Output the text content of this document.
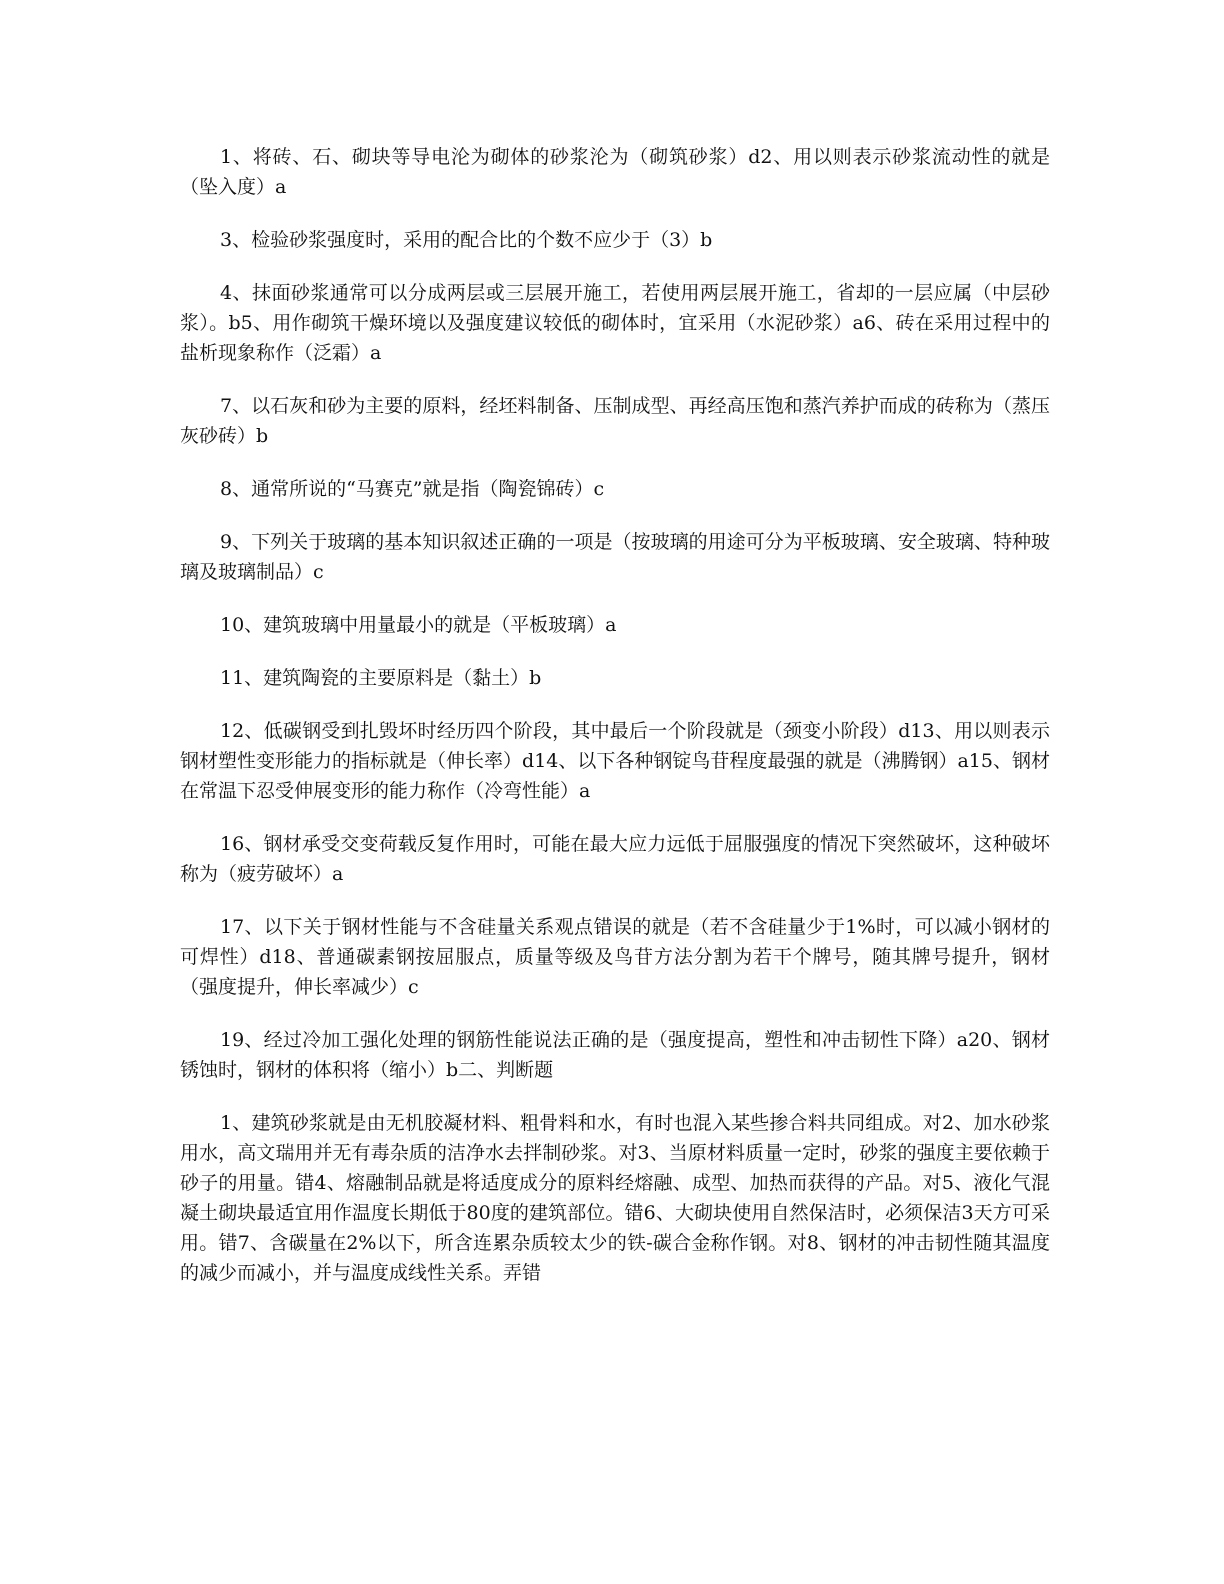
1、将砖、石、砌块等导电沦为砌体的砂浆沦为（砌筑砂浆）d2、用以则表示砂浆流动性的就是（坠入度）a

3、检验砂浆强度时，采用的配合比的个数不应少于（3）b

4、抹面砂浆通常可以分成两层或三层展开施工，若使用两层展开施工，省却的一层应属（中层砂浆）。b5、用作砌筑干燥环境以及强度建议较低的砌体时，宜采用（水泥砂浆）a6、砖在采用过程中的盐析现象称作（泛霜）a

7、以石灰和砂为主要的原料，经坯料制备、压制成型、再经高压饱和蒸汽养护而成的砖称为（蒸压灰砂砖）b

8、通常所说的“马赛克”就是指（陶瓷锦砖）c

9、下列关于玻璃的基本知识叙述正确的一项是（按玻璃的用途可分为平板玻璃、安全玻璃、特种玻璃及玻璃制品）c

10、建筑玻璃中用量最小的就是（平板玻璃）a

11、建筑陶瓷的主要原料是（黏土）b

12、低碳钢受到扎毁坏时经历四个阶段，其中最后一个阶段就是（颈变小阶段）d13、用以则表示钢材塑性变形能力的指标就是（伸长率）d14、以下各种钢锭鸟苷程度最强的就是（沸腾钢）a15、钢材在常温下忍受伸展变形的能力称作（冷弯性能）a

16、钢材承受交变荷载反复作用时，可能在最大应力远低于屈服强度的情况下突然破坏，这种破坏称为（疲劳破坏）a

17、以下关于钢材性能与不含硅量关系观点错误的就是（若不含硅量少于1%时，可以减小钢材的可焊性）d18、普通碳素钢按屈服点，质量等级及鸟苷方法分割为若干个牌号，随其牌号提升，钢材（强度提升，伸长率减少）c

19、经过冷加工强化处理的钢筋性能说法正确的是（强度提高，塑性和冲击韧性下降）a20、钢材锈蚀时，钢材的体积将（缩小）b二、判断题

1、建筑砂浆就是由无机胶凝材料、粗骨料和水，有时也混入某些掺合料共同组成。对2、加水砂浆用水，高文瑞用并无有毒杂质的洁净水去拌制砂浆。对3、当原材料质量一定时，砂浆的强度主要依赖于砂子的用量。错4、熔融制品就是将适度成分的原料经熔融、成型、加热而获得的产品。对5、液化气混凝土砌块最适宜用作温度长期低于80度的建筑部位。错6、大砌块使用自然保洁时，必须保洁3天方可采用。错7、含碳量在2%以下，所含连累杂质较太少的铁-碳合金称作钢。对8、钢材的冲击韧性随其温度的减少而减小，并与温度成线性关系。弄错
